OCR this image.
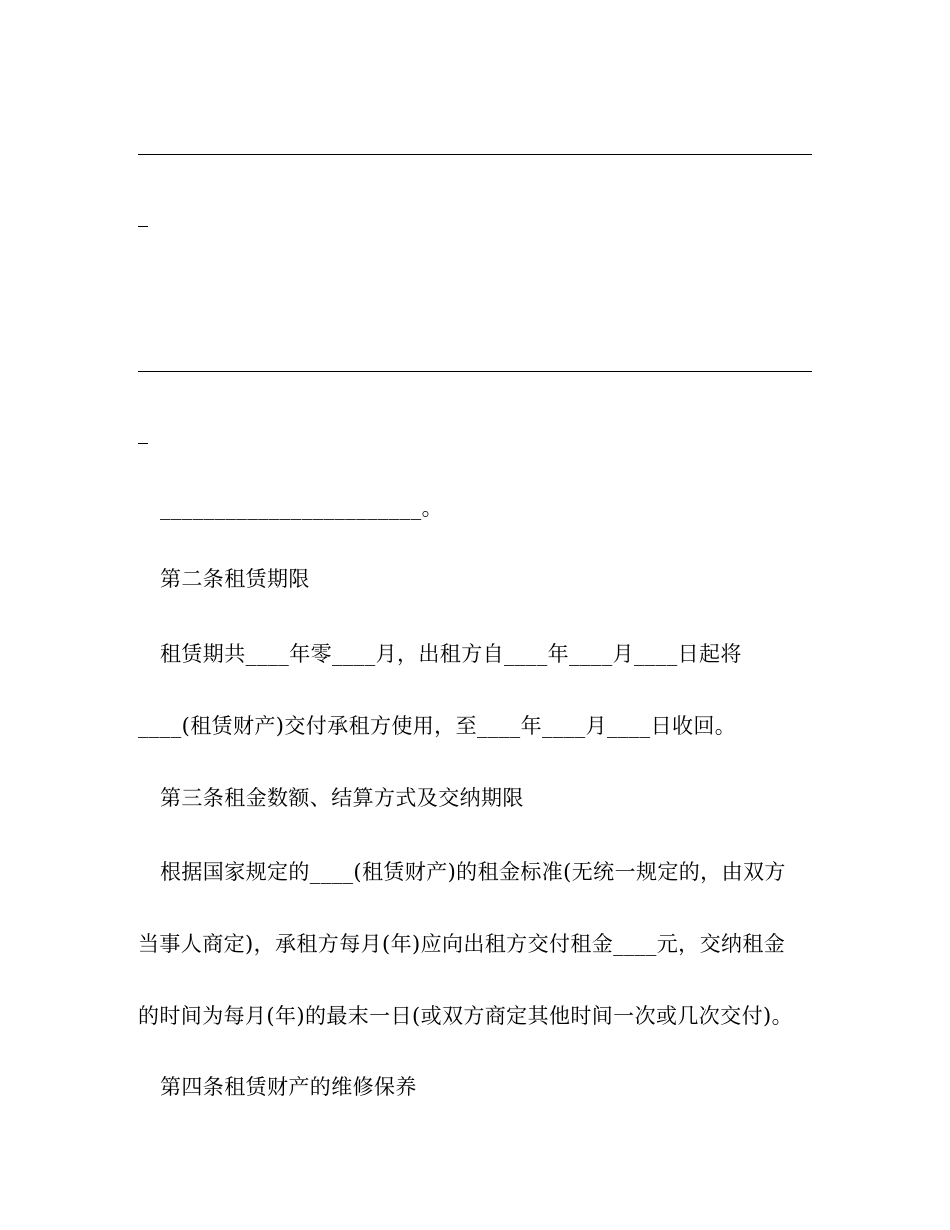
________________________。
第二条租赁期限
租赁期共____年零____月，出租方自____年____月____日起将
____(租赁财产)交付承租方使用，至____年____月____日收回。
第三条租金数额、结算方式及交纳期限
根据国家规定的____(租赁财产)的租金标准(无统一规定的，由双方
当事人商定)，承租方每月(年)应向出租方交付租金____元，交纳租金
的时间为每月(年)的最末一日(或双方商定其他时间一次或几次交付)。
第四条租赁财产的维修保养
